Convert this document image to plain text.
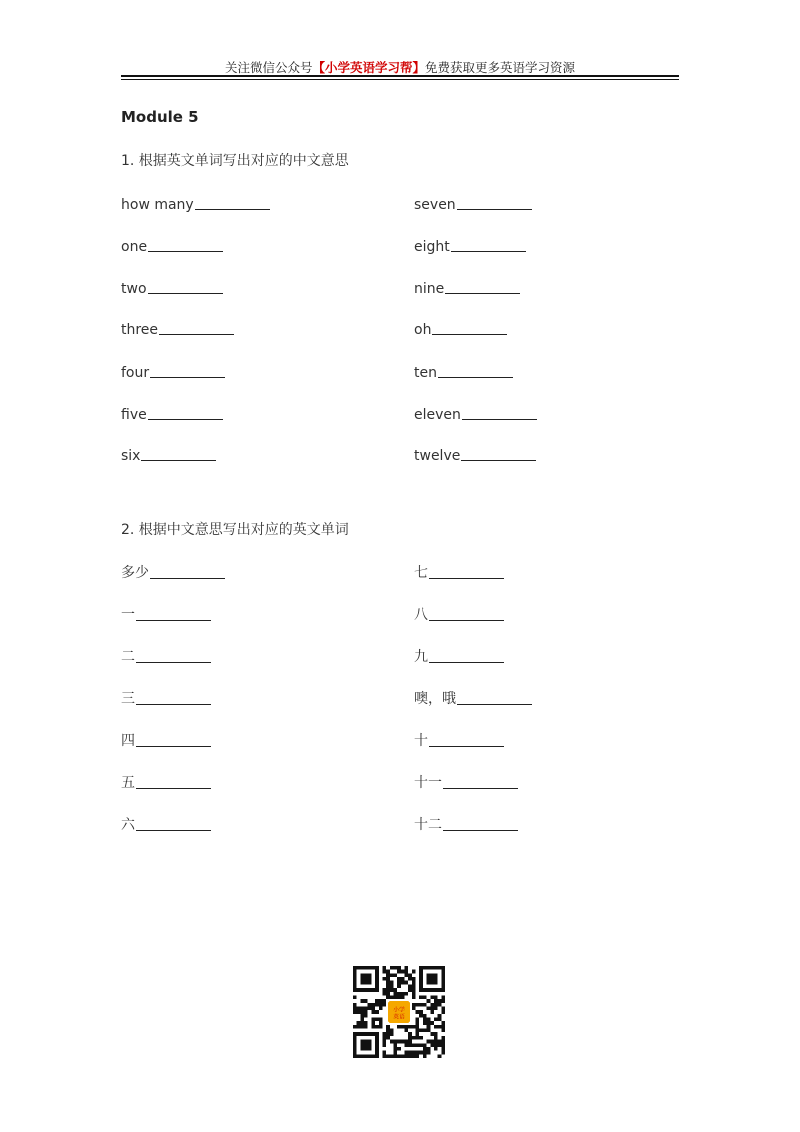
关注微信公众号【小学英语学习帮】免费获取更多英语学习资源
Module 5
1. 根据英文单词写出对应的中文意思
how many
one
two
three
four
five
six
seven
eight
nine
oh
ten
eleven
twelve
2. 根据中文意思写出对应的英文单词
多少
一
二
三
四
五
六
七
八
九
噢，哦
十
十一
十二
小学
英语
